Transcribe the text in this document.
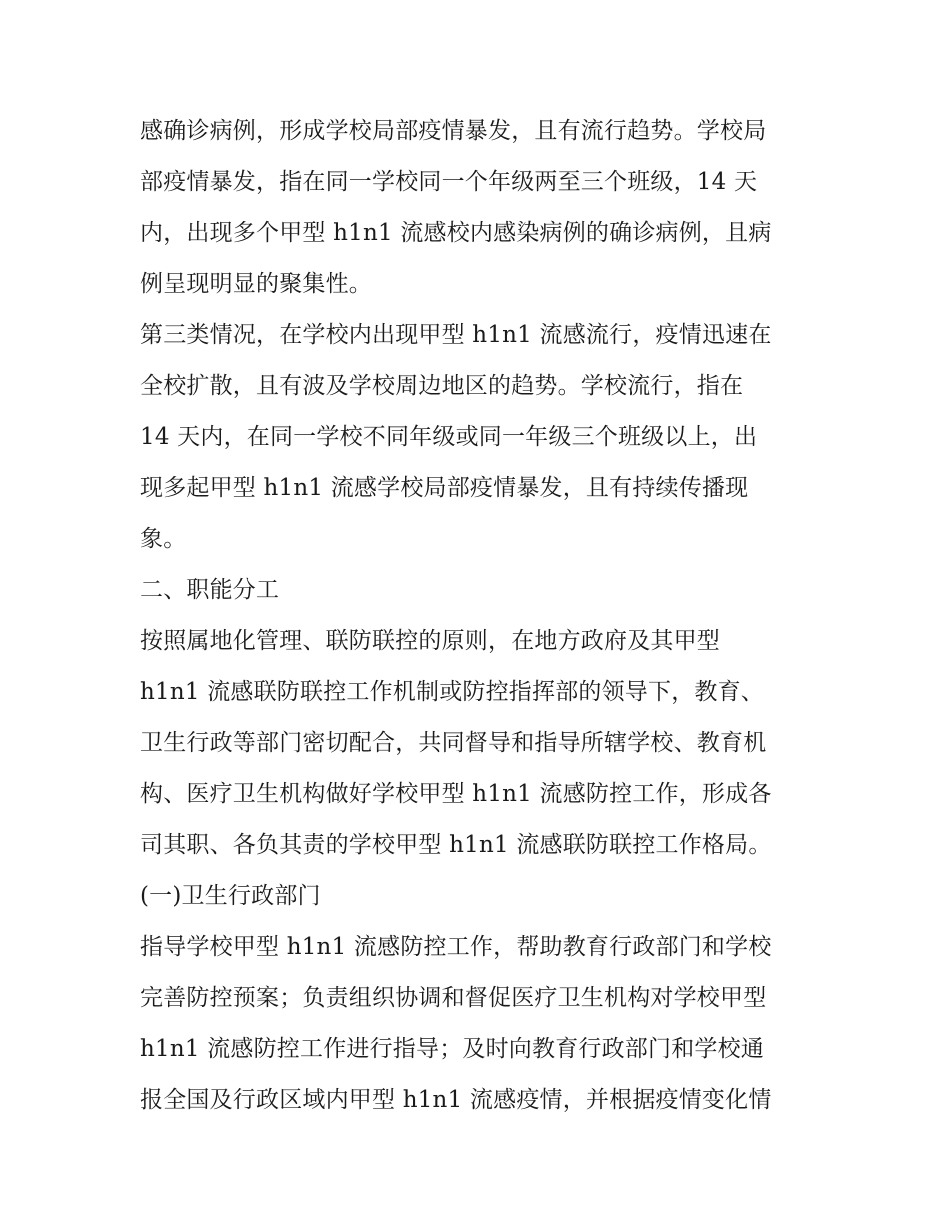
感确诊病例，形成学校局部疫情暴发，且有流行趋势。学校局
部疫情暴发，指在同一学校同一个年级两至三个班级，14 天
内，出现多个甲型 h1n1 流感校内感染病例的确诊病例，且病
例呈现明显的聚集性。
第三类情况，在学校内出现甲型 h1n1 流感流行，疫情迅速在
全校扩散，且有波及学校周边地区的趋势。学校流行，指在
14 天内，在同一学校不同年级或同一年级三个班级以上，出
现多起甲型 h1n1 流感学校局部疫情暴发，且有持续传播现
象。
二、职能分工
按照属地化管理、联防联控的原则，在地方政府及其甲型
h1n1 流感联防联控工作机制或防控指挥部的领导下，教育、
卫生行政等部门密切配合，共同督导和指导所辖学校、教育机
构、医疗卫生机构做好学校甲型 h1n1 流感防控工作，形成各
司其职、各负其责的学校甲型 h1n1 流感联防联控工作格局。
(一)卫生行政部门
指导学校甲型 h1n1 流感防控工作，帮助教育行政部门和学校
完善防控预案；负责组织协调和督促医疗卫生机构对学校甲型
h1n1 流感防控工作进行指导；及时向教育行政部门和学校通
报全国及行政区域内甲型 h1n1 流感疫情，并根据疫情变化情
